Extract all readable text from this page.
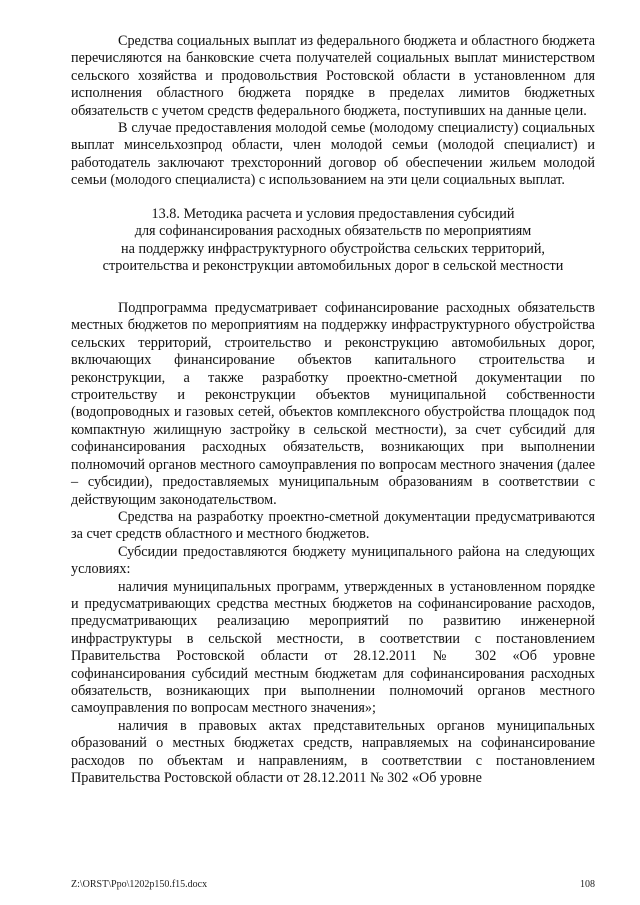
Средства социальных выплат из федерального бюджета и областного бюджета перечисляются на банковские счета получателей социальных выплат министерством сельского хозяйства и продовольствия Ростовской области в установленном для исполнения областного бюджета порядке в пределах лимитов бюджетных обязательств с учетом средств федерального бюджета, поступивших на данные цели.

В случае предоставления молодой семье (молодому специалисту) социальных выплат минсельхозпрод области, член молодой семьи (молодой специалист) и работодатель заключают трехсторонний договор об обеспечении жильем молодой семьи (молодого специалиста) с использованием на эти цели социальных выплат.

13.8. Методика расчета и условия предоставления субсидий
для софинансирования расходных обязательств по мероприятиям
на поддержку инфраструктурного обустройства сельских территорий,
строительства и реконструкции автомобильных дорог в сельской местности

Подпрограмма предусматривает софинансирование расходных обязательств местных бюджетов по мероприятиям на поддержку инфраструктурного обустройства сельских территорий, строительство и реконструкцию автомобильных дорог, включающих финансирование объектов капитального строительства и реконструкции, а также разработку проектно-сметной документации по строительству и реконструкции объектов муниципальной собственности (водопроводных и газовых сетей, объектов комплексного обустройства площадок под компактную жилищную застройку в сельской местности), за счет субсидий для софинансирования расходных обязательств, возникающих при выполнении полномочий органов местного самоуправления по вопросам местного значения (далее – субсидии), предоставляемых муниципальным образованиям в соответствии с действующим законодательством.

Средства на разработку проектно-сметной документации предусматриваются за счет средств областного и местного бюджетов.

Субсидии предоставляются бюджету муниципального района на следующих условиях:

наличия муниципальных программ, утвержденных в установленном порядке и предусматривающих средства местных бюджетов на софинансирование расходов, предусматривающих реализацию мероприятий по развитию инженерной инфраструктуры в сельской местности, в соответствии с постановлением Правительства Ростовской области от 28.12.2011 № 302 «Об уровне софинансирования субсидий местным бюджетам для софинансирования расходных обязательств, возникающих при выполнении полномочий органов местного самоуправления по вопросам местного значения»;

наличия в правовых актах представительных органов муниципальных образований о местных бюджетах средств, направляемых на софинансирование расходов по объектам и направлениям, в соответствии с постановлением Правительства Ростовской области от 28.12.2011 № 302 «Об уровне

Z:\ORST\Ppo\1202p150.f15.docx	108
